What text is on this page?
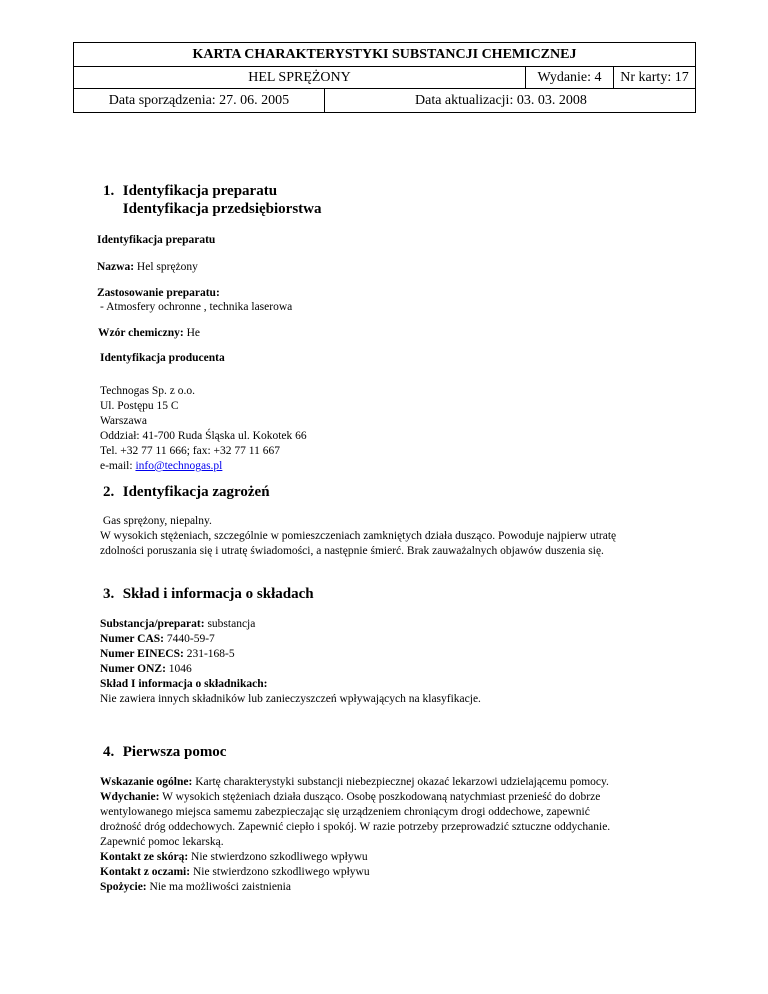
KARTA CHARAKTERYSTYKI SUBSTANCJI CHEMICZNEJ
HEL SPRĘŻONY	Wydanie: 4	Nr karty: 17
Data sporządzenia: 27. 06. 2005	Data aktualizacji: 03. 03. 2008
1. Identyfikacja preparatu
Identyfikacja przedsiębiorstwa
Identyfikacja preparatu
Nazwa: Hel sprężony
Zastosowanie preparatu:
- Atmosfery ochronne , technika laserowa
Wzór chemiczny: He
Identyfikacja producenta
Technogas Sp. z o.o.
Ul. Postępu 15 C
Warszawa
Oddział: 41-700 Ruda Śląska ul. Kokotek 66
Tel. +32 77 11 666; fax: +32 77 11 667
e-mail: info@technogas.pl
2. Identyfikacja zagrożeń
Gas sprężony, niepalny.
W wysokich stężeniach, szczególnie w pomieszczeniach zamkniętych działa dusząco. Powoduje najpierw utratę
zdolności poruszania się i utratę świadomości, a następnie śmierć. Brak zauważalnych objawów duszenia się.
3. Skład i informacja o składach
Substancja/preparat: substancja
Numer CAS: 7440-59-7
Numer EINECS: 231-168-5
Numer ONZ: 1046
Skład I informacja o składnikach:
Nie zawiera innych składników lub zanieczyszczeń wpływających na klasyfikacje.
4. Pierwsza pomoc
Wskazanie ogólne: Kartę charakterystyki substancji niebezpiecznej okazać lekarzowi udzielającemu pomocy.
Wdychanie: W wysokich stężeniach działa dusząco. Osobę poszkodowaną natychmiast przenieść do dobrze
wentylowanego miejsca samemu zabezpieczając się urządzeniem chroniącym drogi oddechowe, zapewnić
drożność dróg oddechowych. Zapewnić ciepło i spokój. W razie potrzeby przeprowadzić sztuczne oddychanie.
Zapewnić pomoc lekarską.
Kontakt ze skórą: Nie stwierdzono szkodliwego wpływu
Kontakt z oczami: Nie stwierdzono szkodliwego wpływu
Spożycie: Nie ma możliwości zaistnienia
